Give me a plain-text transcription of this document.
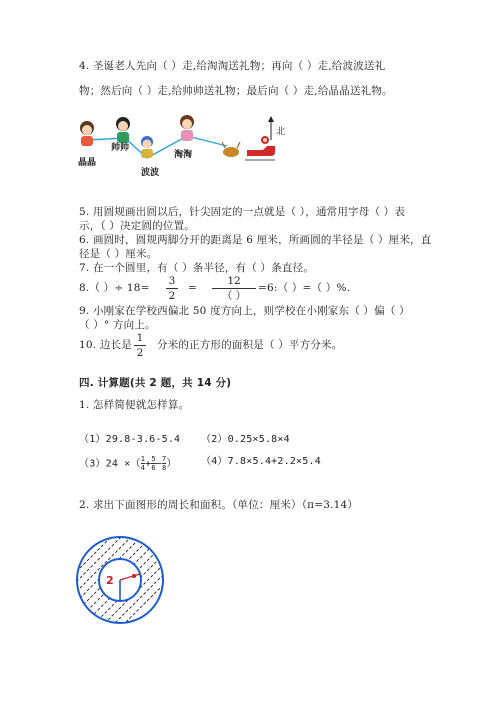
4. 圣诞老人先向（ ）走,给淘淘送礼物；再向（ ）走,给波波送礼
物；然后向（ ）走,给帅帅送礼物；最后向（ ）走,给晶晶送礼物。
晶晶
帅帅
波波
淘淘
北
5. 用圆规画出圆以后，针尖固定的一点就是（ ），通常用字母（ ）表
示，（ ）决定圆的位置。
6. 画圆时，圆规两脚分开的距离是 6 厘米，所画圆的半径是（ ）厘米，直
径是（ ）厘米。
7. 在一个圆里，有（ ）条半径，有（ ）条直径。
8.（ ）÷ 18=
3
2
=
12
（ ）
=6:（ ）=（ ）%.
9. 小刚家在学校西偏北 50 度方向上，则学校在小刚家东（ ）偏（ ）
（ ）° 方向上。
10. 边长是
1
2
分米的正方形的面积是（ ）平方分米。
四. 计算题(共 2 题，共 14 分)
1. 怎样简便就怎样算。
（1）29.8-3.6-5.4 （2）0.25×5.8×4
$(3)24 \times(\frac{1}{4}+\frac{5}{6}-\frac{7}{8})$ （4）7.8×5.4+2.2×5.4
2. 求出下面图形的周长和面积。（单位：厘米）（π=3.14）
2
